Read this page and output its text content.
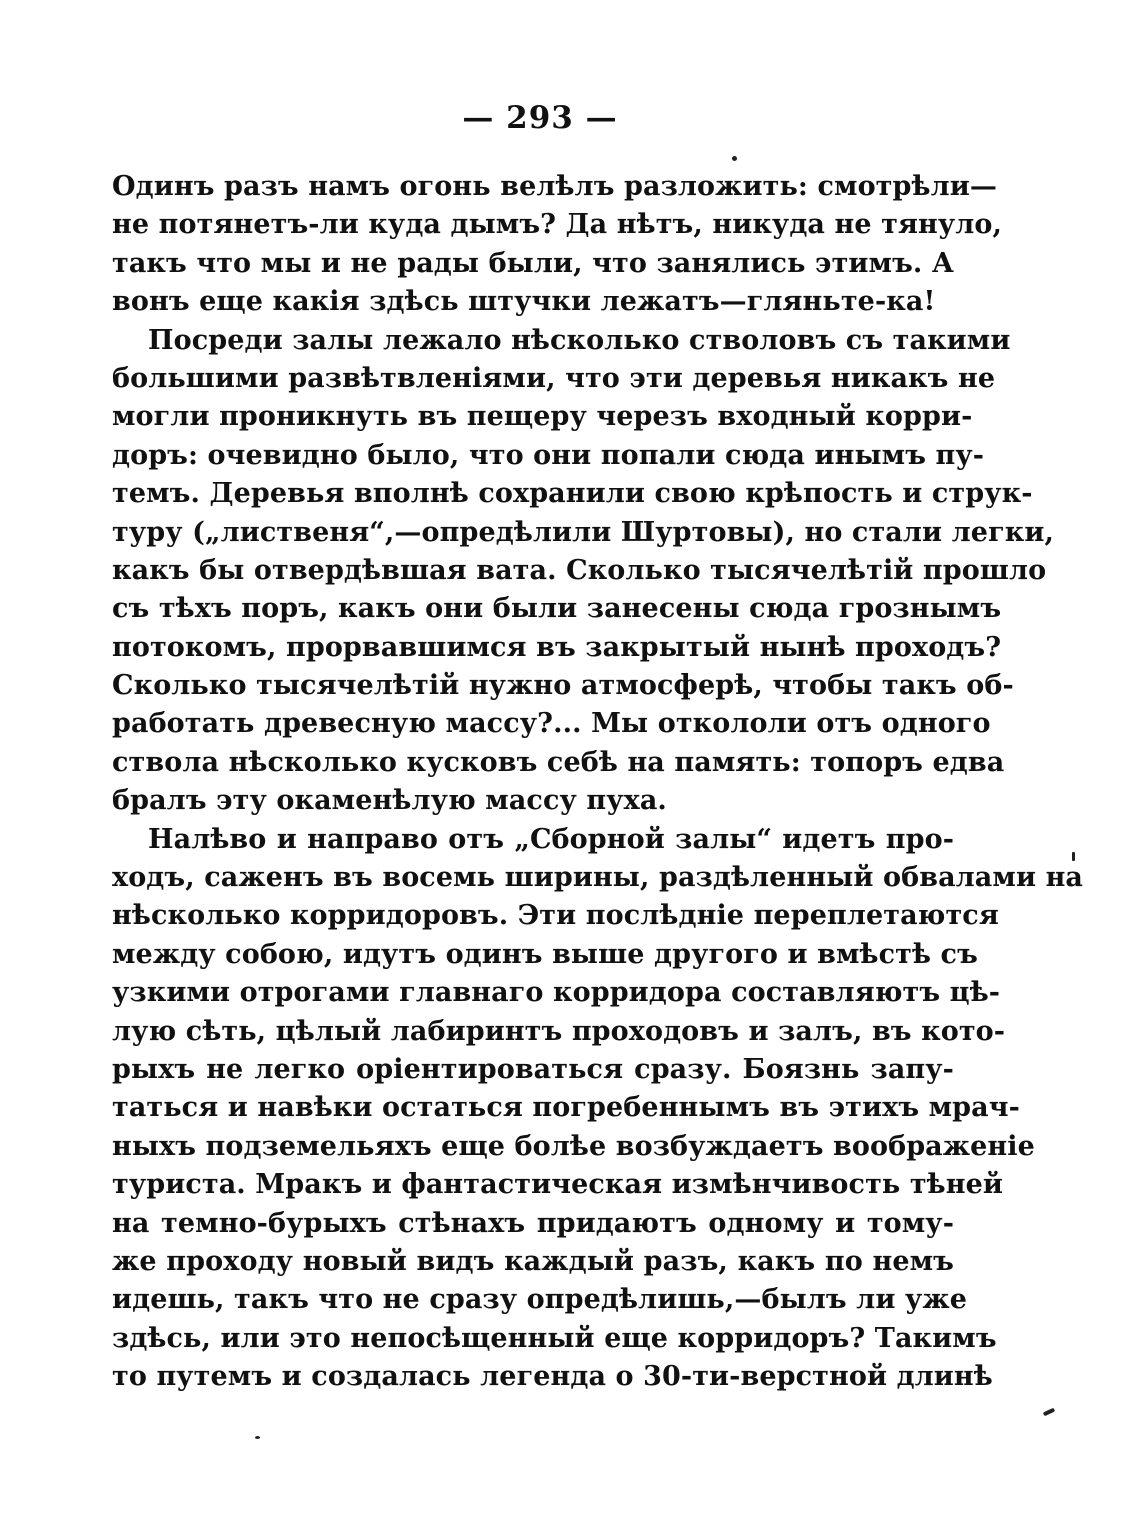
— 293 —
Одинъ разъ намъ огонь велѣлъ разложить: смотрѣли—
не потянетъ-ли куда дымъ? Да нѣтъ, никуда не тянуло,
такъ что мы и не рады были, что занялись этимъ. А
вонъ еще какія здѣсь штучки лежатъ—гляньте-ка!
Посреди залы лежало нѣсколько стволовъ съ такими
большими развѣтвленіями, что эти деревья никакъ не
могли проникнуть въ пещеру черезъ входный корри-
доръ: очевидно было, что они попали сюда инымъ пу-
темъ. Деревья вполнѣ сохранили свою крѣпость и струк-
туру („лиственя“,—опредѣлили Шуртовы), но стали легки,
какъ бы отвердѣвшая вата. Сколько тысячелѣтій прошло
съ тѣхъ поръ, какъ они были занесены сюда грознымъ
потокомъ, прорвавшимся въ закрытый нынѣ проходъ?
Сколько тысячелѣтій нужно атмосферѣ, чтобы такъ об-
работать древесную массу?... Мы откололи отъ одного
ствола нѣсколько кусковъ себѣ на память: топоръ едва
бралъ эту окаменѣлую массу пуха.
Налѣво и направо отъ „Сборной залы“ идетъ про-
ходъ, саженъ въ восемь ширины, раздѣленный обвалами на
нѣсколько корридоровъ. Эти послѣдніе переплетаются
между собою, идутъ одинъ выше другого и вмѣстѣ съ
узкими отрогами главнаго корридора составляютъ цѣ-
лую сѣть, цѣлый лабиринтъ проходовъ и залъ, въ кото-
рыхъ не легко оріентироваться сразу. Боязнь запу-
таться и навѣки остаться погребеннымъ въ этихъ мрач-
ныхъ подземельяхъ еще болѣе возбуждаетъ воображеніе
туриста. Мракъ и фантастическая измѣнчивость тѣней
на темно-бурыхъ стѣнахъ придаютъ одному и тому-
же проходу новый видъ каждый разъ, какъ по немъ
идешь, такъ что не сразу опредѣлишь,—былъ ли уже
здѣсь, или это непосѣщенный еще корридоръ? Такимъ
то путемъ и создалась легенда о 30-ти-верстной длинѣ
